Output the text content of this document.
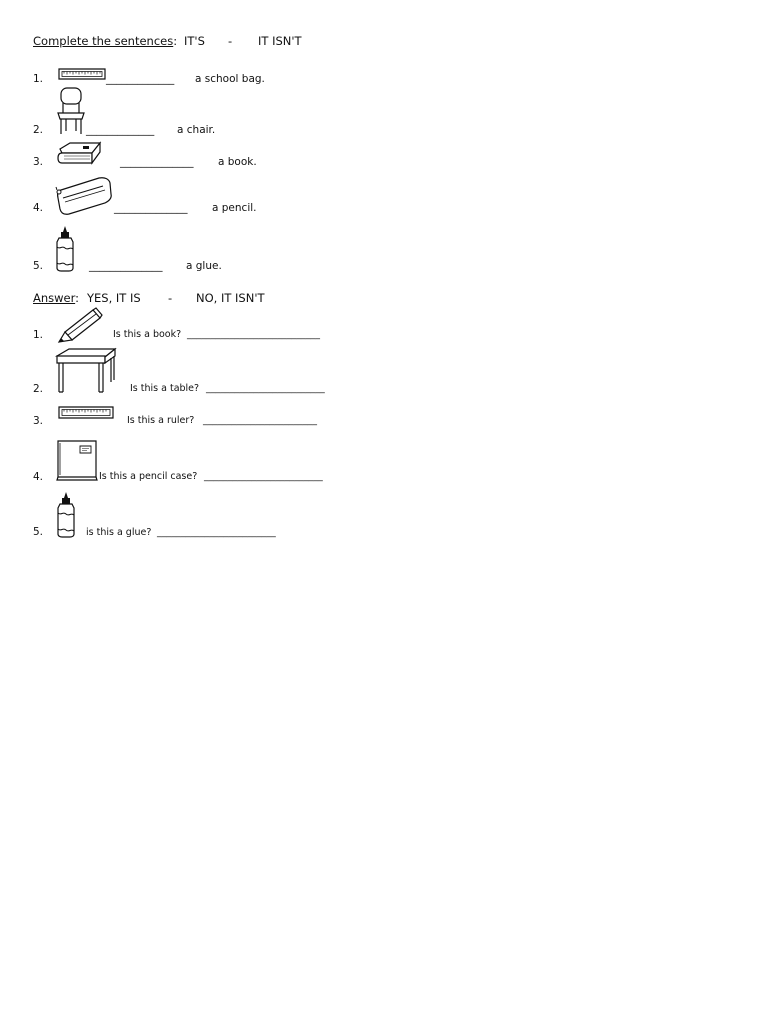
Complete the sentences: IT'S - IT ISN'T
1.	_____________ a school bag.
2.	_____________ a chair.
3.	______________ a book.
4.	______________ a pencil.
5.	______________ a glue.
Answer: YES, IT IS - NO, IT ISN'T
1.	Is this a book? ____________________________
2.	Is this a table? _________________________
3.	Is this a ruler? ________________________
4.	Is this a pencil case? _________________________
5.	is this a glue? _________________________
